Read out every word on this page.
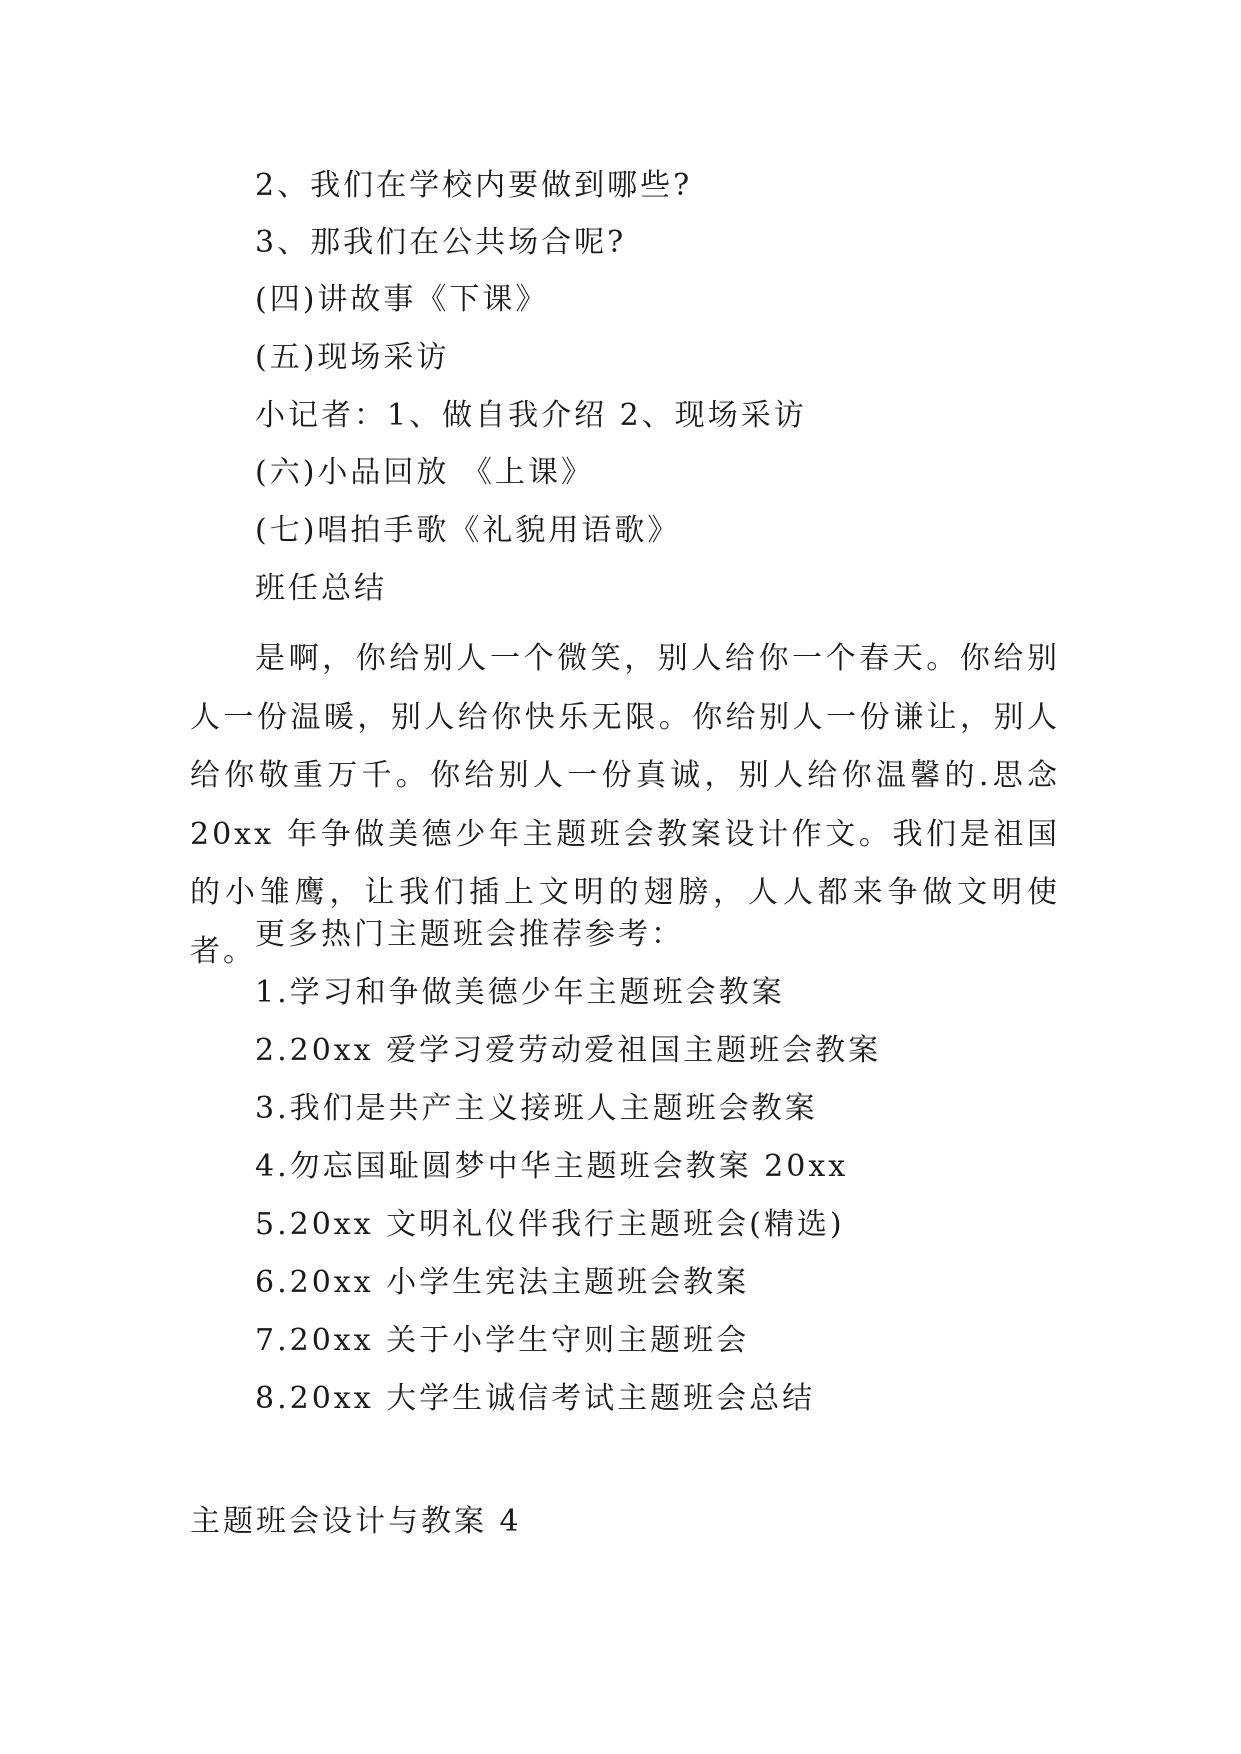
2、我们在学校内要做到哪些?
3、那我们在公共场合呢?
(四)讲故事《下课》
(五)现场采访
小记者：1、做自我介绍 2、现场采访
(六)小品回放 《上课》
(七)唱拍手歌《礼貌用语歌》
班任总结
是啊，你给别人一个微笑，别人给你一个春天。你给别人一份温暖，别人给你快乐无限。你给别人一份谦让，别人给你敬重万千。你给别人一份真诚，别人给你温馨的.思念 20xx 年争做美德少年主题班会教案设计作文。我们是祖国的小雏鹰，让我们插上文明的翅膀，人人都来争做文明使者。 更多热门主题班会推荐参考：
1.学习和争做美德少年主题班会教案
2.20xx 爱学习爱劳动爱祖国主题班会教案
3.我们是共产主义接班人主题班会教案
4.勿忘国耻圆梦中华主题班会教案 20xx
5.20xx 文明礼仪伴我行主题班会(精选)
6.20xx 小学生宪法主题班会教案
7.20xx 关于小学生守则主题班会
8.20xx 大学生诚信考试主题班会总结
主题班会设计与教案 4
